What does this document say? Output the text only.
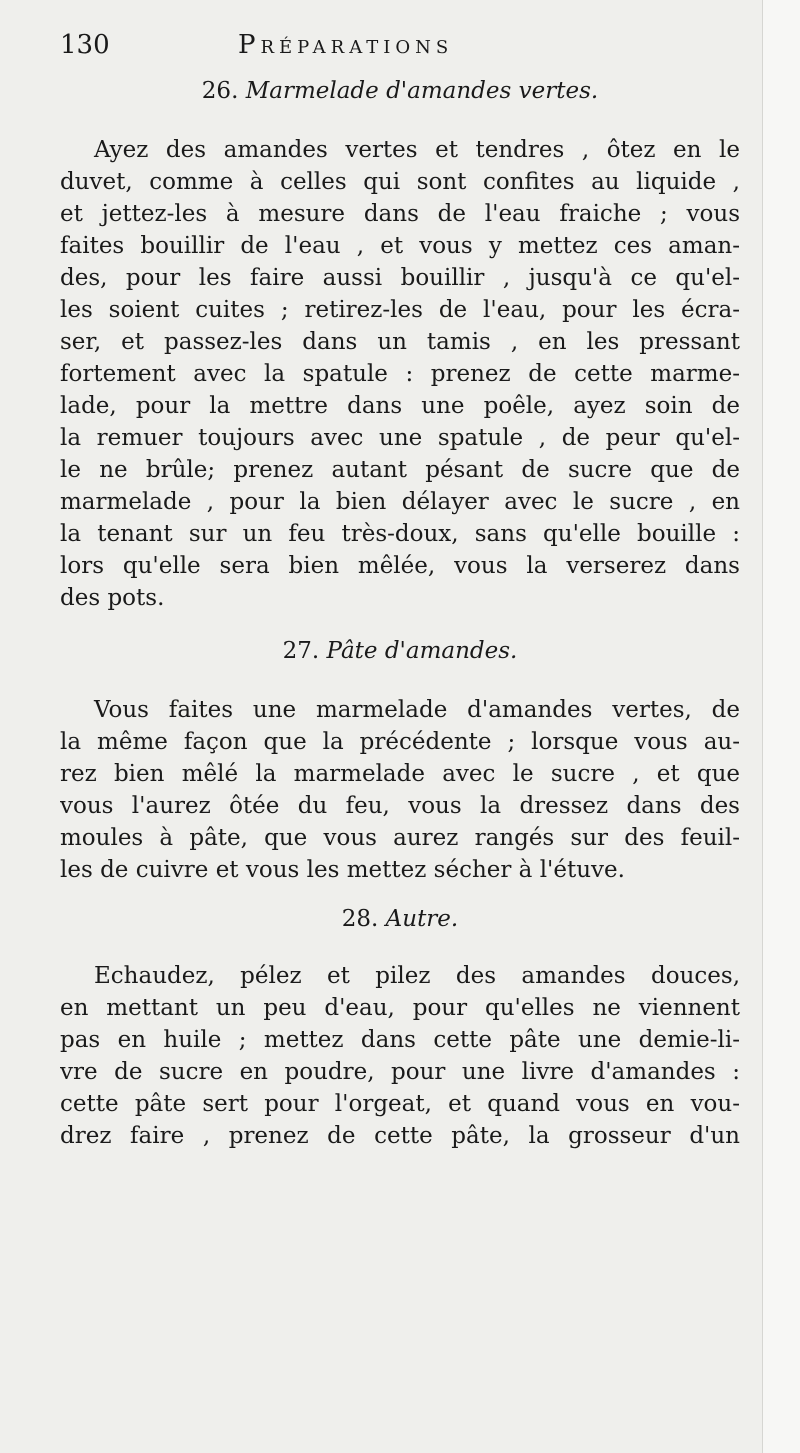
130	Préparations
26. Marmelade d'amandes vertes.
Ayez des amandes vertes et tendres , ôtez en le
duvet, comme à celles qui sont confites au liquide ,
et jettez-les à mesure dans de l'eau fraiche ; vous
faites bouillir de l'eau , et vous y mettez ces aman-
des, pour les faire aussi bouillir , jusqu'à ce qu'el-
les soient cuites ; retirez-les de l'eau, pour les écra-
ser, et passez-les dans un tamis , en les pressant
fortement avec la spatule : prenez de cette marme-
lade, pour la mettre dans une poêle, ayez soin de
la remuer toujours avec une spatule , de peur qu'el-
le ne brûle; prenez autant pésant de sucre que de
marmelade , pour la bien délayer avec le sucre , en
la tenant sur un feu très-doux, sans qu'elle bouille :
lors qu'elle sera bien mêlée, vous la verserez dans
des pots.
27. Pâte d'amandes.
Vous faites une marmelade d'amandes vertes, de
la même façon que la précédente ; lorsque vous au-
rez bien mêlé la marmelade avec le sucre , et que
vous l'aurez ôtée du feu, vous la dressez dans des
moules à pâte, que vous aurez rangés sur des feuil-
les de cuivre et vous les mettez sécher à l'étuve.
28. Autre.
Echaudez, pélez et pilez des amandes douces,
en mettant un peu d'eau, pour qu'elles ne viennent
pas en huile ; mettez dans cette pâte une demie-li-
vre de sucre en poudre, pour une livre d'amandes :
cette pâte sert pour l'orgeat, et quand vous en vou-
drez faire , prenez de cette pâte, la grosseur d'un
